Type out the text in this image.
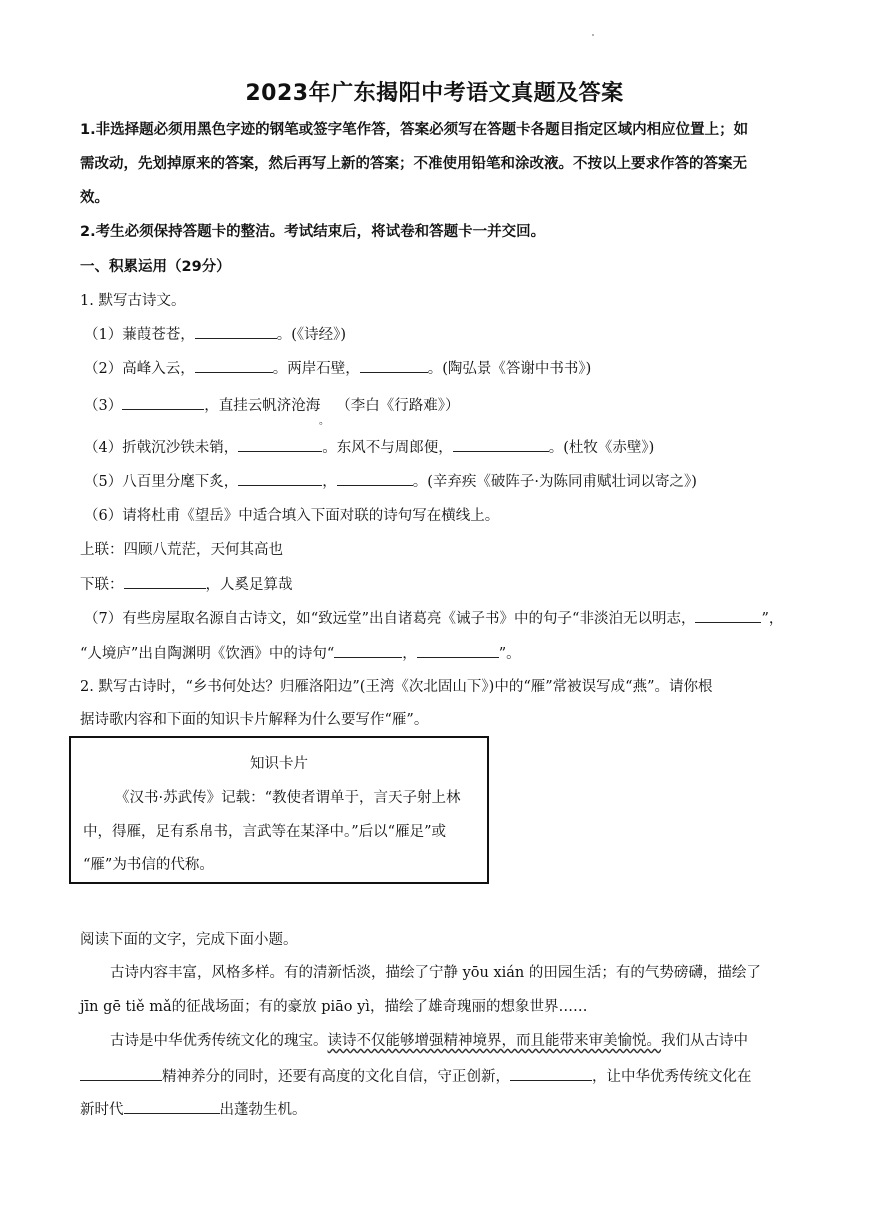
2023年广东揭阳中考语文真题及答案
1.非选择题必须用黑色字迹的钢笔或签字笔作答，答案必须写在答题卡各题目指定区域内相应位置上；如
需改动，先划掉原来的答案，然后再写上新的答案；不准使用铅笔和涂改液。不按以上要求作答的答案无
效。
2.考生必须保持答题卡的整洁。考试结束后，将试卷和答题卡一并交回。
一、积累运用（29分）
1. 默写古诗文。
（1）蒹葭苍苍，	。(《诗经》)
（2）高峰入云，	。两岸石壁，	。(陶弘景《答谢中书书》)
（3）	，直挂云帆济沧海 （李白《行路难》）
。
（4）折戟沉沙铁未销，	。东风不与周郎便，	。(杜牧《赤壁》)
（5）八百里分麾下炙，	，	。(辛弃疾《破阵子·为陈同甫赋壮词以寄之》)
（6）请将杜甫《望岳》中适合填入下面对联的诗句写在横线上。
上联：四顾八荒茫，天何其高也
下联：	，人奚足算哉
（7）有些房屋取名源自古诗文，如“致远堂”出自诸葛亮《诫子书》中的句子“非淡泊无以明志，	”，
“人境庐”出自陶渊明《饮酒》中的诗句“	，	”。
2. 默写古诗时，“乡书何处达？归雁洛阳边”(王湾《次北固山下》)中的“雁”常被误写成“燕”。请你根
据诗歌内容和下面的知识卡片解释为什么要写作“雁”。
知识卡片
《汉书·苏武传》记载：“教使者谓单于，言天子射上林
中，得雁，足有系帛书，言武等在某泽中。”后以“雁足”或
“雁”为书信的代称。
阅读下面的文字，完成下面小题。
古诗内容丰富，风格多样。有的清新恬淡，描绘了宁静 yōu xián 的田园生活；有的气势磅礴，描绘了
jīn gē tiě mǎ的征战场面；有的豪放 piāo yì，描绘了雄奇瑰丽的想象世界……
古诗是中华优秀传统文化的瑰宝。读诗不仅能够增强精神境界，而且能带来审美愉悦。我们从古诗中
精神养分的同时，还要有高度的文化自信，守正创新，	，让中华优秀传统文化在
新时代	出蓬勃生机。
